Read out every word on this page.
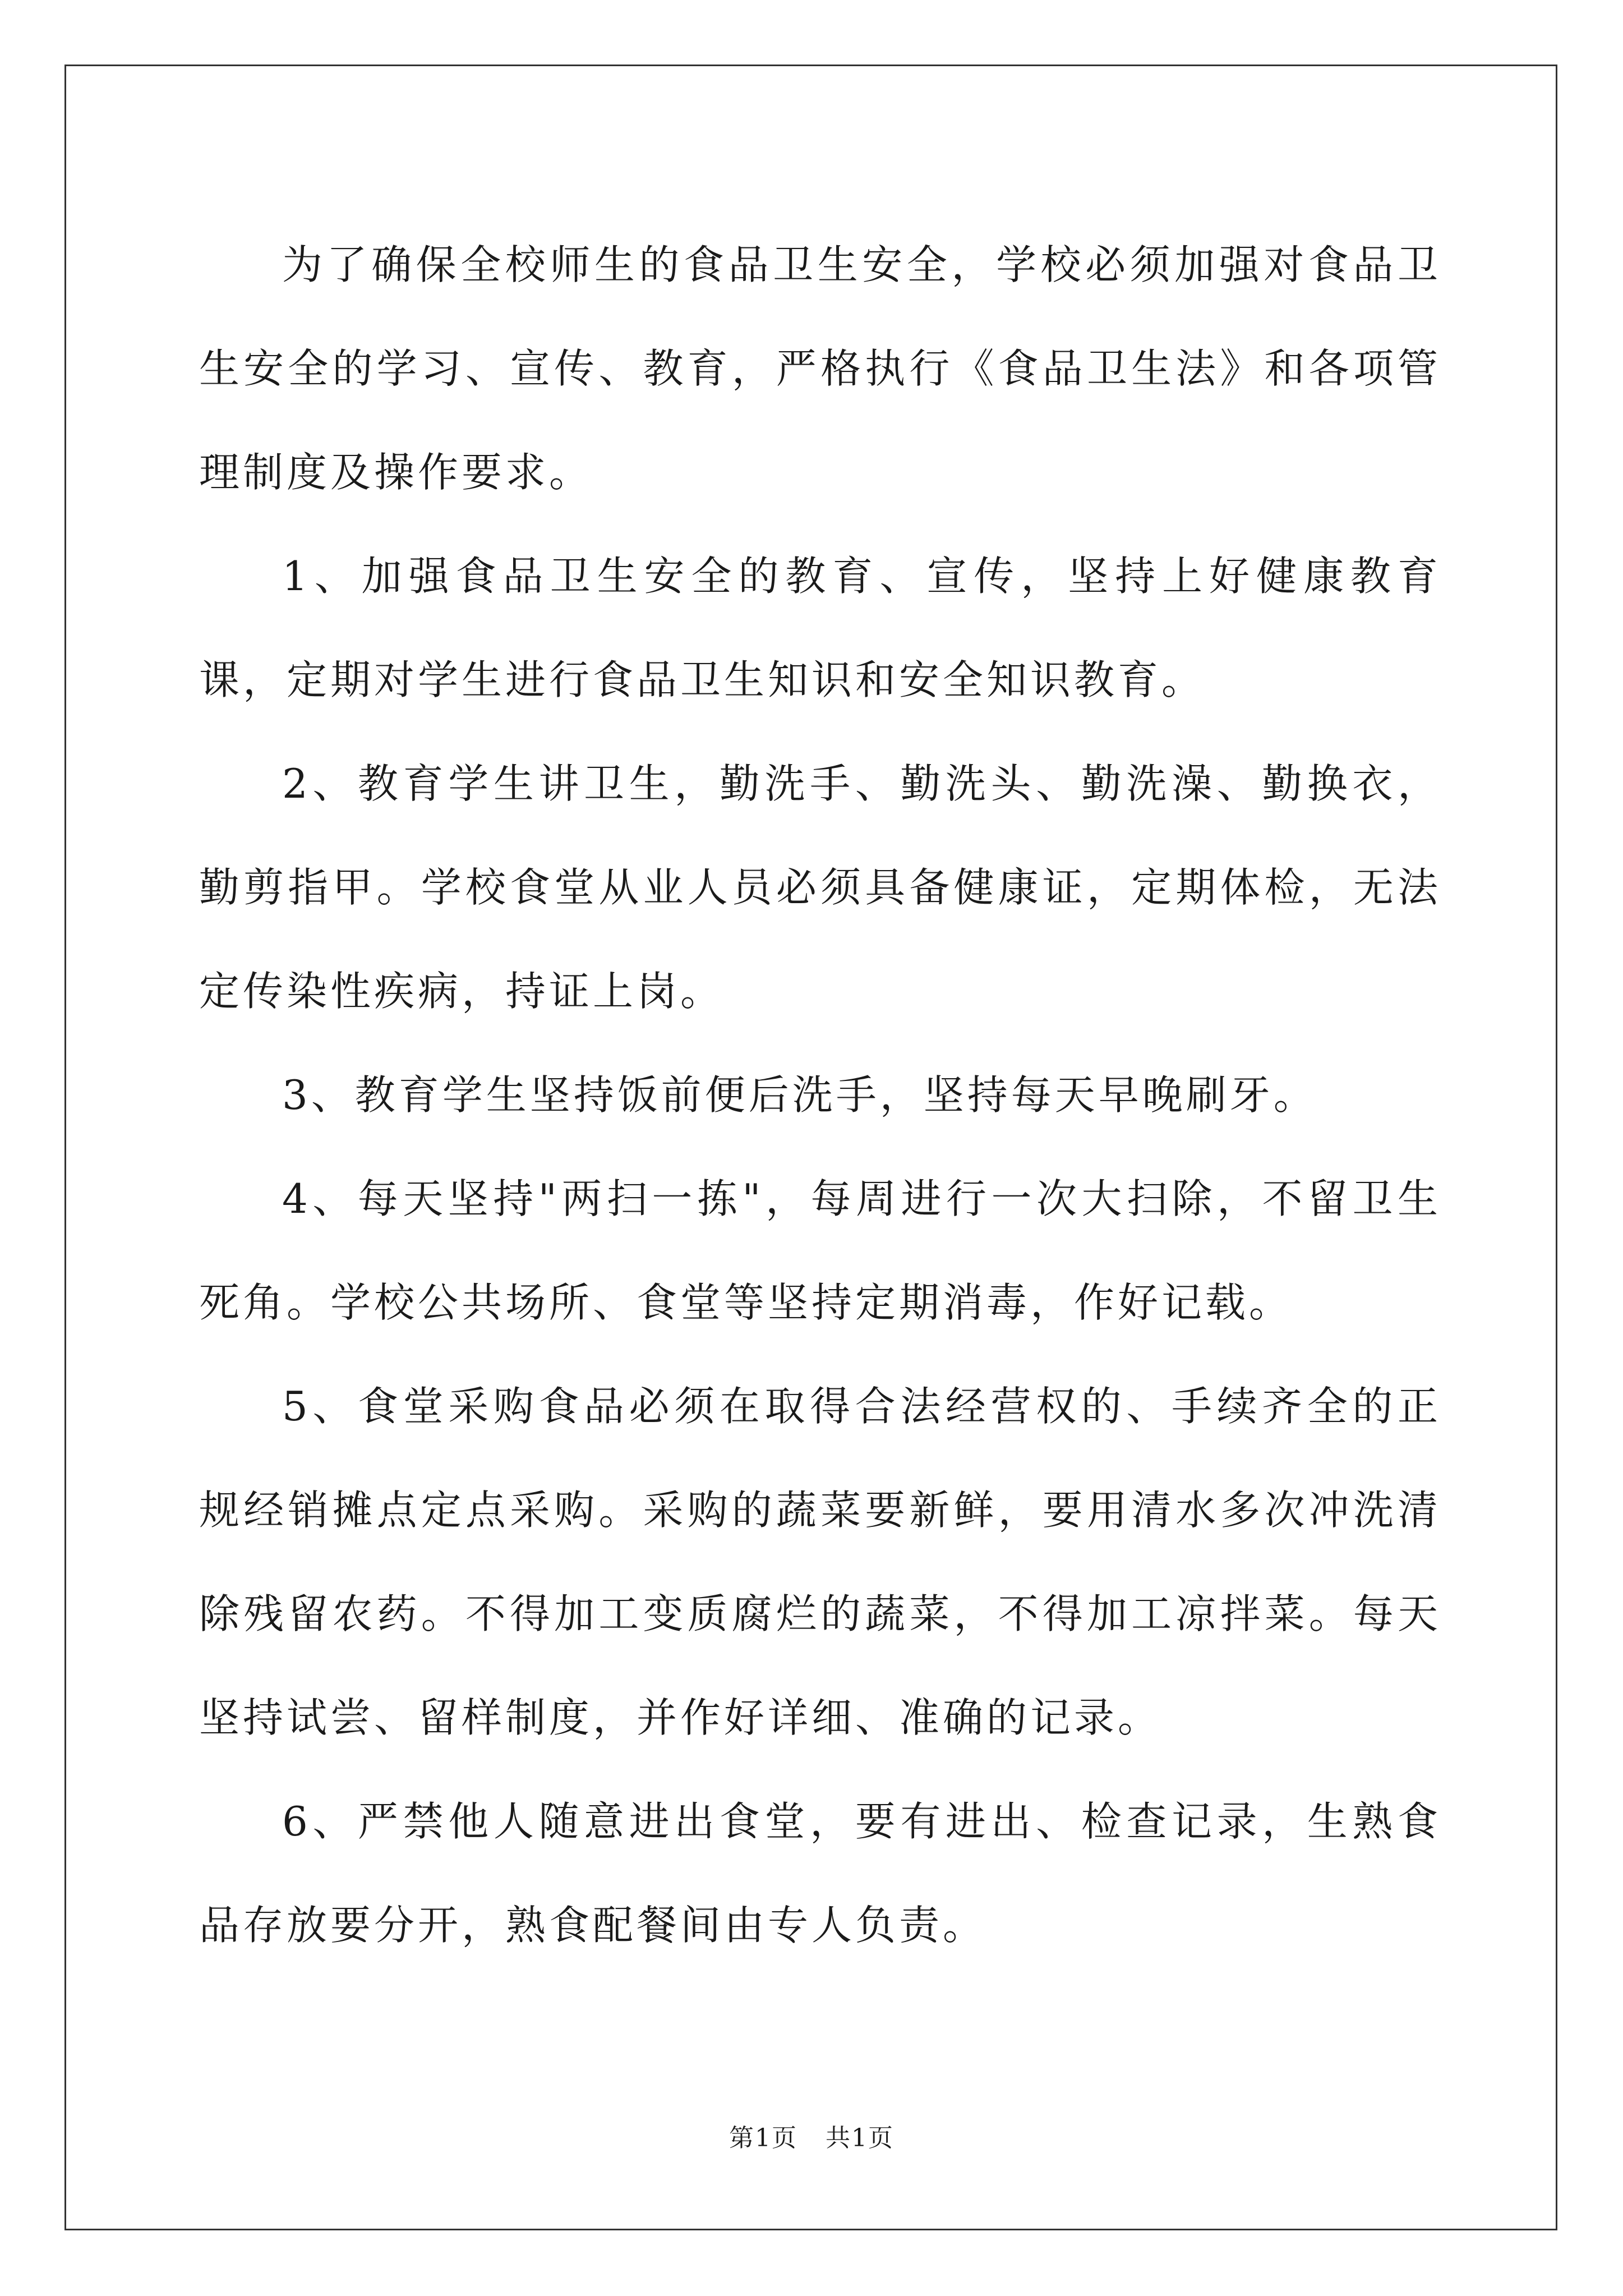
为了确保全校师生的食品卫生安全，学校必须加强对食品卫生安全的学习、宣传、教育，严格执行《食品卫生法》和各项管理制度及操作要求。

1、加强食品卫生安全的教育、宣传，坚持上好健康教育课，定期对学生进行食品卫生知识和安全知识教育。

2、教育学生讲卫生，勤洗手、勤洗头、勤洗澡、勤换衣，勤剪指甲。学校食堂从业人员必须具备健康证，定期体检，无法定传染性疾病，持证上岗。

3、教育学生坚持饭前便后洗手，坚持每天早晚刷牙。

4、每天坚持"两扫一拣"，每周进行一次大扫除，不留卫生死角。学校公共场所、食堂等坚持定期消毒，作好记载。

5、食堂采购食品必须在取得合法经营权的、手续齐全的正规经销摊点定点采购。采购的蔬菜要新鲜，要用清水多次冲洗清除残留农药。不得加工变质腐烂的蔬菜，不得加工凉拌菜。每天坚持试尝、留样制度，并作好详细、准确的记录。

6、严禁他人随意进出食堂，要有进出、检查记录，生熟食品存放要分开，熟食配餐间由专人负责。

第1页 共1页
